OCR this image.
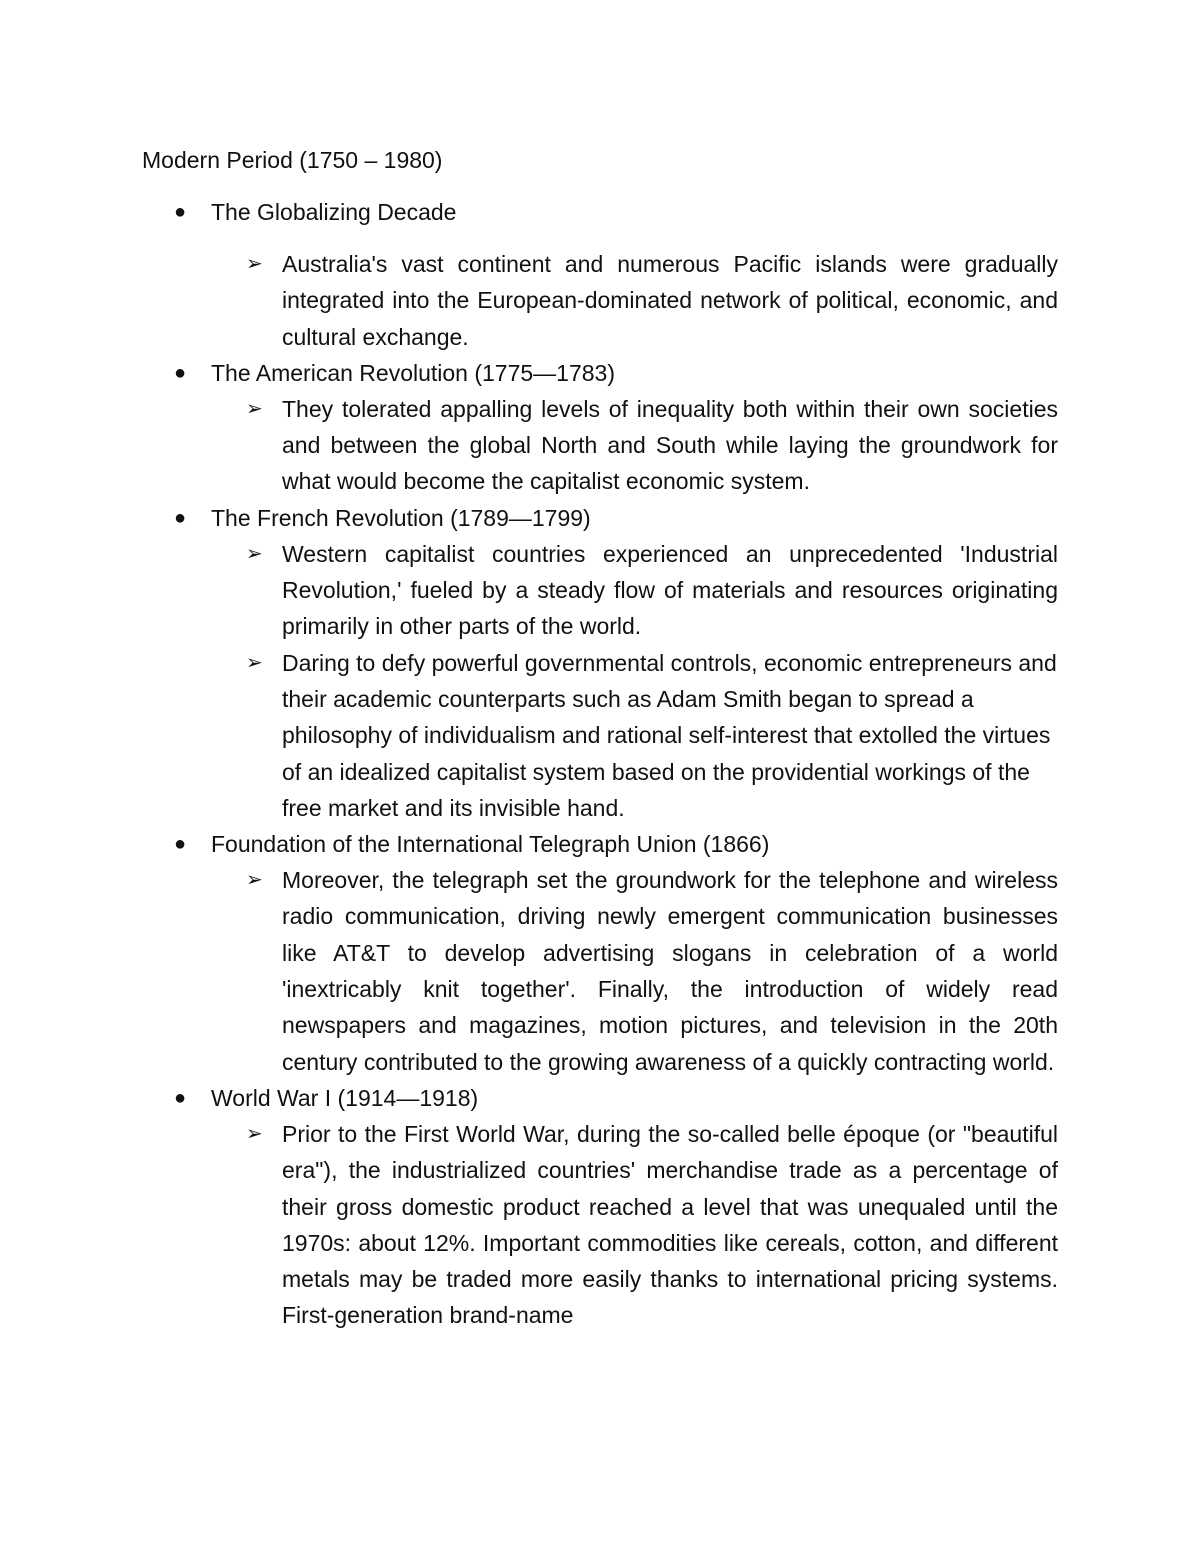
Modern Period (1750 – 1980)
● The Globalizing Decade
➢ Australia's vast continent and numerous Pacific islands were gradually integrated into the European-dominated network of political, economic, and cultural exchange.
● The American Revolution (1775—1783)
➢ They tolerated appalling levels of inequality both within their own societies and between the global North and South while laying the groundwork for what would become the capitalist economic system.
● The French Revolution (1789—1799)
➢ Western capitalist countries experienced an unprecedented 'Industrial Revolution,' fueled by a steady flow of materials and resources originating primarily in other parts of the world.
➢ Daring to defy powerful governmental controls, economic entrepreneurs and their academic counterparts such as Adam Smith began to spread a philosophy of individualism and rational self-interest that extolled the virtues of an idealized capitalist system based on the providential workings of the free market and its invisible hand.
● Foundation of the International Telegraph Union (1866)
➢ Moreover, the telegraph set the groundwork for the telephone and wireless radio communication, driving newly emergent communication businesses like AT&T to develop advertising slogans in celebration of a world 'inextricably knit together'. Finally, the introduction of widely read newspapers and magazines, motion pictures, and television in the 20th century contributed to the growing awareness of a quickly contracting world.
● World War I (1914—1918)
➢ Prior to the First World War, during the so-called belle époque (or "beautiful era"), the industrialized countries' merchandise trade as a percentage of their gross domestic product reached a level that was unequaled until the 1970s: about 12%. Important commodities like cereals, cotton, and different metals may be traded more easily thanks to international pricing systems. First-generation brand-name
